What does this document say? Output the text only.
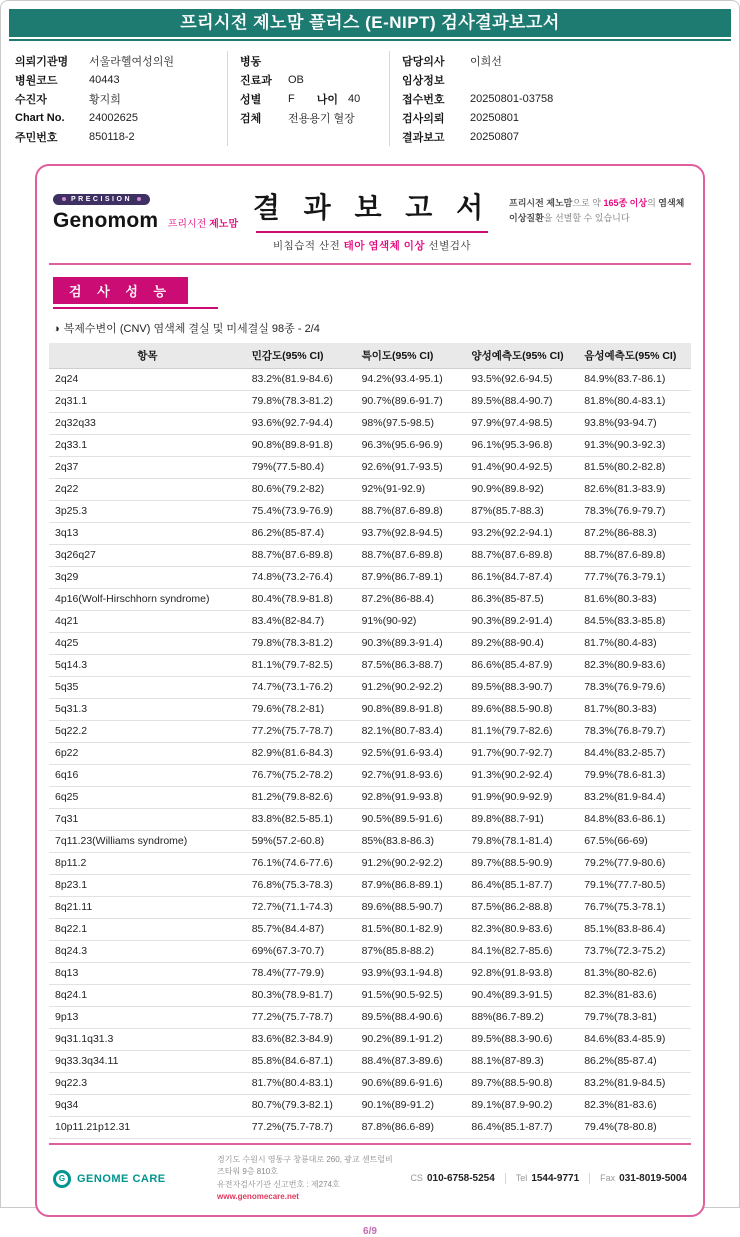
프리시전 제노맘 플러스 (E-NIPT) 검사결과보고서
의뢰기관명	서울라헬여성의원
병원코드	40443
수진자	황지희
Chart No.	24002625
주민번호	850118-2
병동
진료과	OB
성별	F 나이 40
검체	전용용기 혈장
담당의사	이희선
임상정보
접수번호	20250801-03758
검사의뢰	20250801
결과보고	20250807
PRECISION
Genomom 프리시전 제노맘
결 과 보 고 서
비침습적 산전 태아 염색체 이상 선별검사
프리시전 제노맘으로 약 165종 이상의 염색체 이상질환을 선별할 수 있습니다
검 사 성 능
◑ 복제수변이 (CNV) 염색체 결실 및 미세결실 98종 - 2/4
항목	민감도(95% CI)	특이도(95% CI)	양성예측도(95% CI)	음성예측도(95% CI)
2q24	83.2%(81.9-84.6)	94.2%(93.4-95.1)	93.5%(92.6-94.5)	84.9%(83.7-86.1)
2q31.1	79.8%(78.3-81.2)	90.7%(89.6-91.7)	89.5%(88.4-90.7)	81.8%(80.4-83.1)
2q32q33	93.6%(92.7-94.4)	98%(97.5-98.5)	97.9%(97.4-98.5)	93.8%(93-94.7)
2q33.1	90.8%(89.8-91.8)	96.3%(95.6-96.9)	96.1%(95.3-96.8)	91.3%(90.3-92.3)
2q37	79%(77.5-80.4)	92.6%(91.7-93.5)	91.4%(90.4-92.5)	81.5%(80.2-82.8)
2q22	80.6%(79.2-82)	92%(91-92.9)	90.9%(89.8-92)	82.6%(81.3-83.9)
3p25.3	75.4%(73.9-76.9)	88.7%(87.6-89.8)	87%(85.7-88.3)	78.3%(76.9-79.7)
3q13	86.2%(85-87.4)	93.7%(92.8-94.5)	93.2%(92.2-94.1)	87.2%(86-88.3)
3q26q27	88.7%(87.6-89.8)	88.7%(87.6-89.8)	88.7%(87.6-89.8)	88.7%(87.6-89.8)
3q29	74.8%(73.2-76.4)	87.9%(86.7-89.1)	86.1%(84.7-87.4)	77.7%(76.3-79.1)
4p16(Wolf-Hirschhorn syndrome)	80.4%(78.9-81.8)	87.2%(86-88.4)	86.3%(85-87.5)	81.6%(80.3-83)
4q21	83.4%(82-84.7)	91%(90-92)	90.3%(89.2-91.4)	84.5%(83.3-85.8)
4q25	79.8%(78.3-81.2)	90.3%(89.3-91.4)	89.2%(88-90.4)	81.7%(80.4-83)
5q14.3	81.1%(79.7-82.5)	87.5%(86.3-88.7)	86.6%(85.4-87.9)	82.3%(80.9-83.6)
5q35	74.7%(73.1-76.2)	91.2%(90.2-92.2)	89.5%(88.3-90.7)	78.3%(76.9-79.6)
5q31.3	79.6%(78.2-81)	90.8%(89.8-91.8)	89.6%(88.5-90.8)	81.7%(80.3-83)
5q22.2	77.2%(75.7-78.7)	82.1%(80.7-83.4)	81.1%(79.7-82.6)	78.3%(76.8-79.7)
6p22	82.9%(81.6-84.3)	92.5%(91.6-93.4)	91.7%(90.7-92.7)	84.4%(83.2-85.7)
6q16	76.7%(75.2-78.2)	92.7%(91.8-93.6)	91.3%(90.2-92.4)	79.9%(78.6-81.3)
6q25	81.2%(79.8-82.6)	92.8%(91.9-93.8)	91.9%(90.9-92.9)	83.2%(81.9-84.4)
7q31	83.8%(82.5-85.1)	90.5%(89.5-91.6)	89.8%(88.7-91)	84.8%(83.6-86.1)
7q11.23(Williams syndrome)	59%(57.2-60.8)	85%(83.8-86.3)	79.8%(78.1-81.4)	67.5%(66-69)
8p11.2	76.1%(74.6-77.6)	91.2%(90.2-92.2)	89.7%(88.5-90.9)	79.2%(77.9-80.6)
8p23.1	76.8%(75.3-78.3)	87.9%(86.8-89.1)	86.4%(85.1-87.7)	79.1%(77.7-80.5)
8q21.11	72.7%(71.1-74.3)	89.6%(88.5-90.7)	87.5%(86.2-88.8)	76.7%(75.3-78.1)
8q22.1	85.7%(84.4-87)	81.5%(80.1-82.9)	82.3%(80.9-83.6)	85.1%(83.8-86.4)
8q24.3	69%(67.3-70.7)	87%(85.8-88.2)	84.1%(82.7-85.6)	73.7%(72.3-75.2)
8q13	78.4%(77-79.9)	93.9%(93.1-94.8)	92.8%(91.8-93.8)	81.3%(80-82.6)
8q24.1	80.3%(78.9-81.7)	91.5%(90.5-92.5)	90.4%(89.3-91.5)	82.3%(81-83.6)
9p13	77.2%(75.7-78.7)	89.5%(88.4-90.6)	88%(86.7-89.2)	79.7%(78.3-81)
9q31.1q31.3	83.6%(82.3-84.9)	90.2%(89.1-91.2)	89.5%(88.3-90.6)	84.6%(83.4-85.9)
9q33.3q34.11	85.8%(84.6-87.1)	88.4%(87.3-89.6)	88.1%(87-89.3)	86.2%(85-87.4)
9q22.3	81.7%(80.4-83.1)	90.6%(89.6-91.6)	89.7%(88.5-90.8)	83.2%(81.9-84.5)
9q34	80.7%(79.3-82.1)	90.1%(89-91.2)	89.1%(87.9-90.2)	82.3%(81-83.6)
10p11.21p12.31	77.2%(75.7-78.7)	87.8%(86.6-89)	86.4%(85.1-87.7)	79.4%(78-80.8)
G	GENOME CARE
경기도 수원시 영통구 창룡대로 260, 광교 센트럴비즈타워 9층 810호
유전자검사기관 신고번호 : 제274호
www.genomecare.net
CS 010-6758-5254 Tel 1544-9771 Fax 031-8019-5004
6/9
